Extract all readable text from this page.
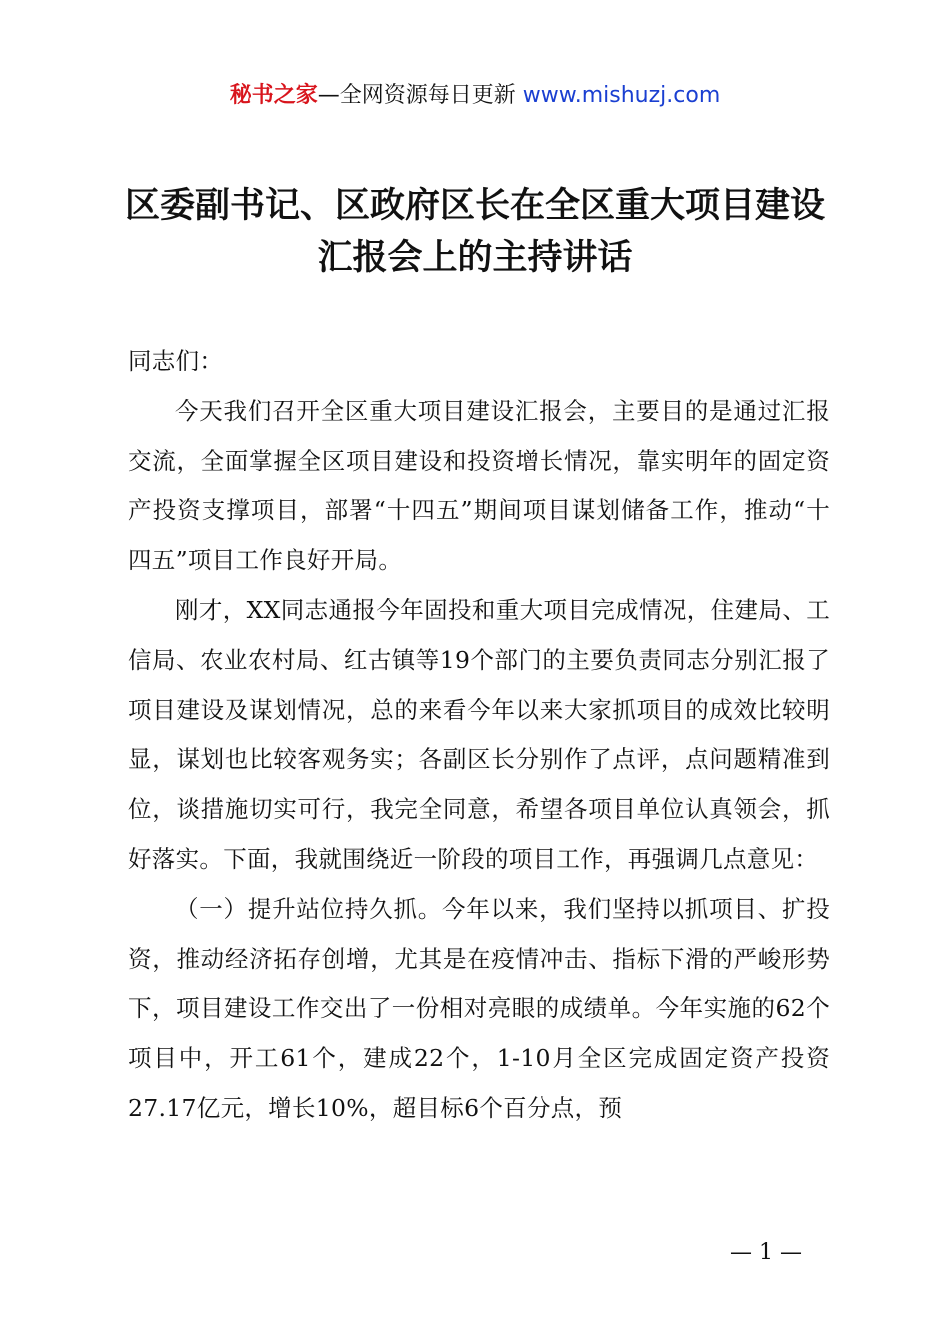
秘书之家—全网资源每日更新 www.mishuzj.com
区委副书记、区政府区长在全区重大项目建设
汇报会上的主持讲话

同志们：

今天我们召开全区重大项目建设汇报会，主要目的是通过汇报交流，全面掌握全区项目建设和投资增长情况，靠实明年的固定资产投资支撑项目，部署“十四五”期间项目谋划储备工作，推动“十四五”项目工作良好开局。

刚才，XX同志通报今年固投和重大项目完成情况，住建局、工信局、农业农村局、红古镇等19个部门的主要负责同志分别汇报了项目建设及谋划情况，总的来看今年以来大家抓项目的成效比较明显，谋划也比较客观务实；各副区长分别作了点评，点问题精准到位，谈措施切实可行，我完全同意，希望各项目单位认真领会，抓好落实。下面，我就围绕近一阶段的项目工作，再强调几点意见：

（一）提升站位持久抓。今年以来，我们坚持以抓项目、扩投资，推动经济拓存创增，尤其是在疫情冲击、指标下滑的严峻形势下，项目建设工作交出了一份相对亮眼的成绩单。今年实施的62个项目中，开工61个，建成22个，1-10月全区完成固定资产投资27.17亿元，增长10%，超目标6个百分点，预

— 1 —
